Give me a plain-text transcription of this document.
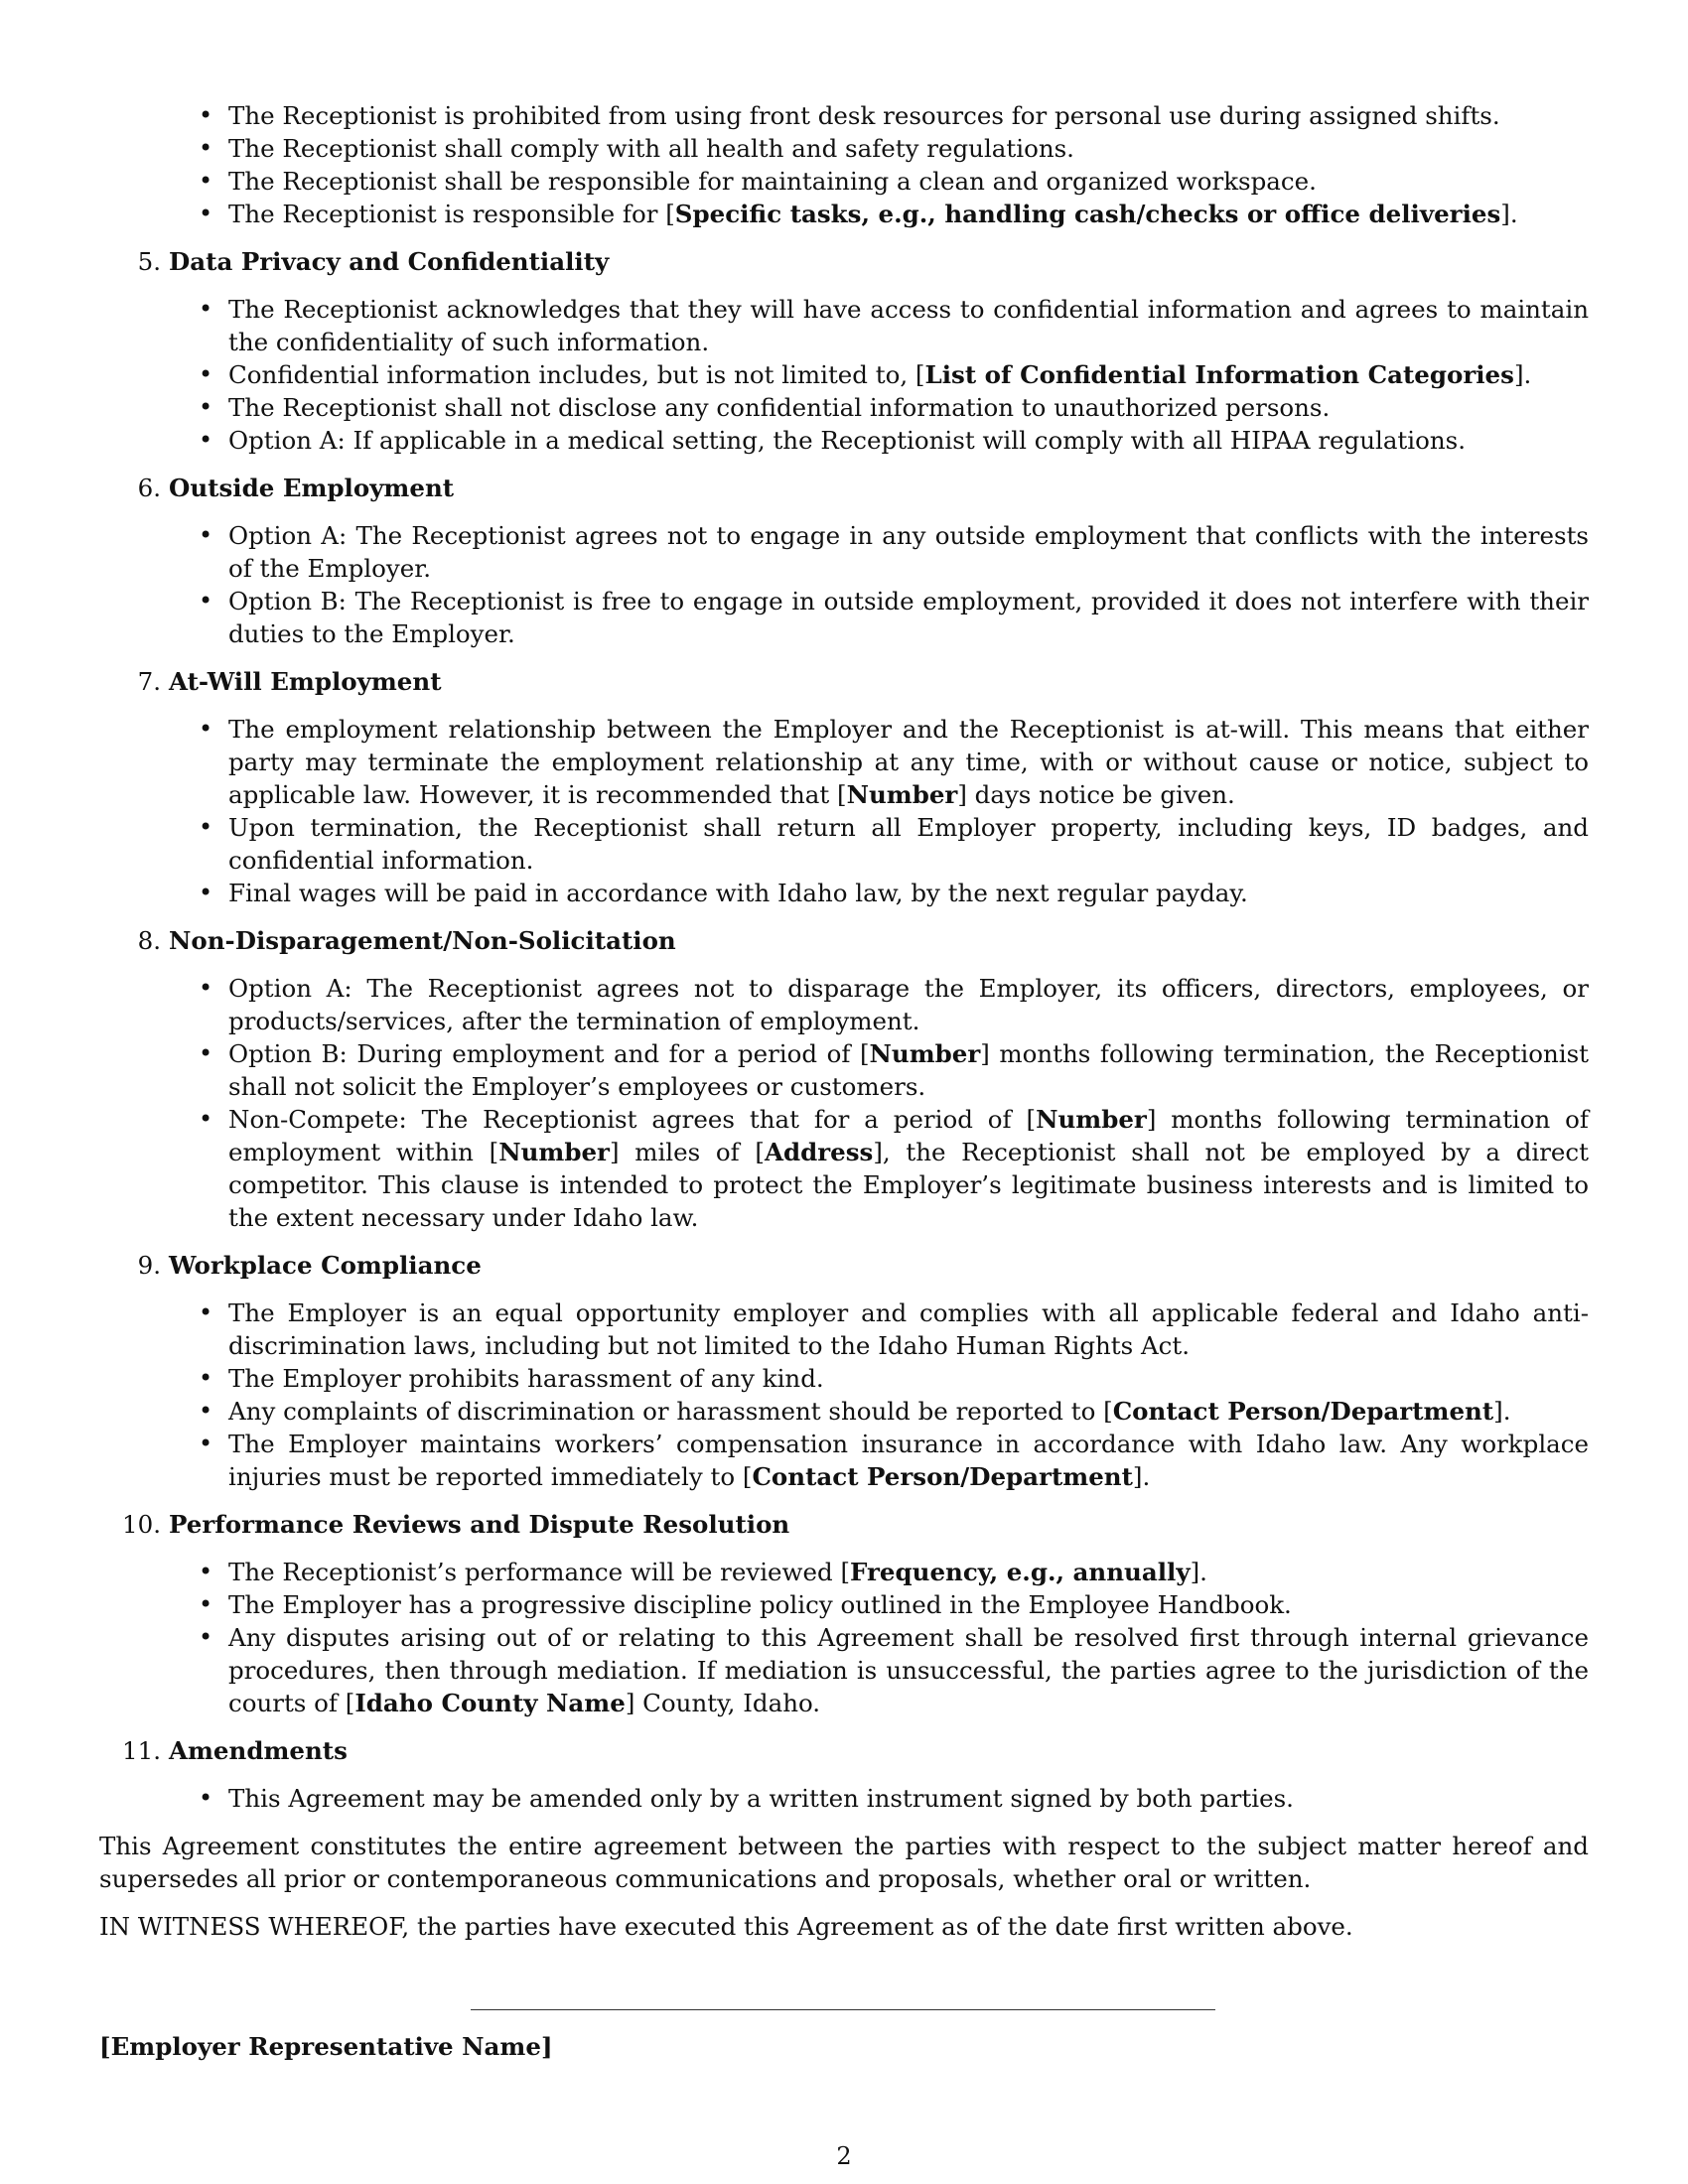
• The Receptionist is prohibited from using front desk resources for personal use during assigned shifts.
• The Receptionist shall comply with all health and safety regulations.
• The Receptionist shall be responsible for maintaining a clean and organized workspace.
• The Receptionist is responsible for [Specific tasks, e.g., handling cash/checks or office deliveries].
5. Data Privacy and Confidentiality
• The Receptionist acknowledges that they will have access to confidential information and agrees to maintain the confidentiality of such information.
• Confidential information includes, but is not limited to, [List of Confidential Information Categories].
• The Receptionist shall not disclose any confidential information to unauthorized persons.
• Option A: If applicable in a medical setting, the Receptionist will comply with all HIPAA regulations.
6. Outside Employment
• Option A: The Receptionist agrees not to engage in any outside employment that conflicts with the interests of the Employer.
• Option B: The Receptionist is free to engage in outside employment, provided it does not interfere with their duties to the Employer.
7. At-Will Employment
• The employment relationship between the Employer and the Receptionist is at-will. This means that either party may terminate the employment relationship at any time, with or without cause or notice, subject to applicable law. However, it is recommended that [Number] days notice be given.
• Upon termination, the Receptionist shall return all Employer property, including keys, ID badges, and confidential information.
• Final wages will be paid in accordance with Idaho law, by the next regular payday.
8. Non-Disparagement/Non-Solicitation
• Option A: The Receptionist agrees not to disparage the Employer, its officers, directors, employees, or products/services, after the termination of employment.
• Option B: During employment and for a period of [Number] months following termination, the Receptionist shall not solicit the Employer’s employees or customers.
• Non-Compete: The Receptionist agrees that for a period of [Number] months following termination of employment within [Number] miles of [Address], the Receptionist shall not be employed by a direct competitor. This clause is intended to protect the Employer’s legitimate business interests and is limited to the extent necessary under Idaho law.
9. Workplace Compliance
• The Employer is an equal opportunity employer and complies with all applicable federal and Idaho anti-discrimination laws, including but not limited to the Idaho Human Rights Act.
• The Employer prohibits harassment of any kind.
• Any complaints of discrimination or harassment should be reported to [Contact Person/Department].
• The Employer maintains workers’ compensation insurance in accordance with Idaho law. Any workplace injuries must be reported immediately to [Contact Person/Department].
10. Performance Reviews and Dispute Resolution
• The Receptionist’s performance will be reviewed [Frequency, e.g., annually].
• The Employer has a progressive discipline policy outlined in the Employee Handbook.
• Any disputes arising out of or relating to this Agreement shall be resolved first through internal grievance procedures, then through mediation. If mediation is unsuccessful, the parties agree to the jurisdiction of the courts of [Idaho County Name] County, Idaho.
11. Amendments
• This Agreement may be amended only by a written instrument signed by both parties.

This Agreement constitutes the entire agreement between the parties with respect to the subject matter hereof and supersedes all prior or contemporaneous communications and proposals, whether oral or written.

IN WITNESS WHEREOF, the parties have executed this Agreement as of the date first written above.

[Employer Representative Name]
2
